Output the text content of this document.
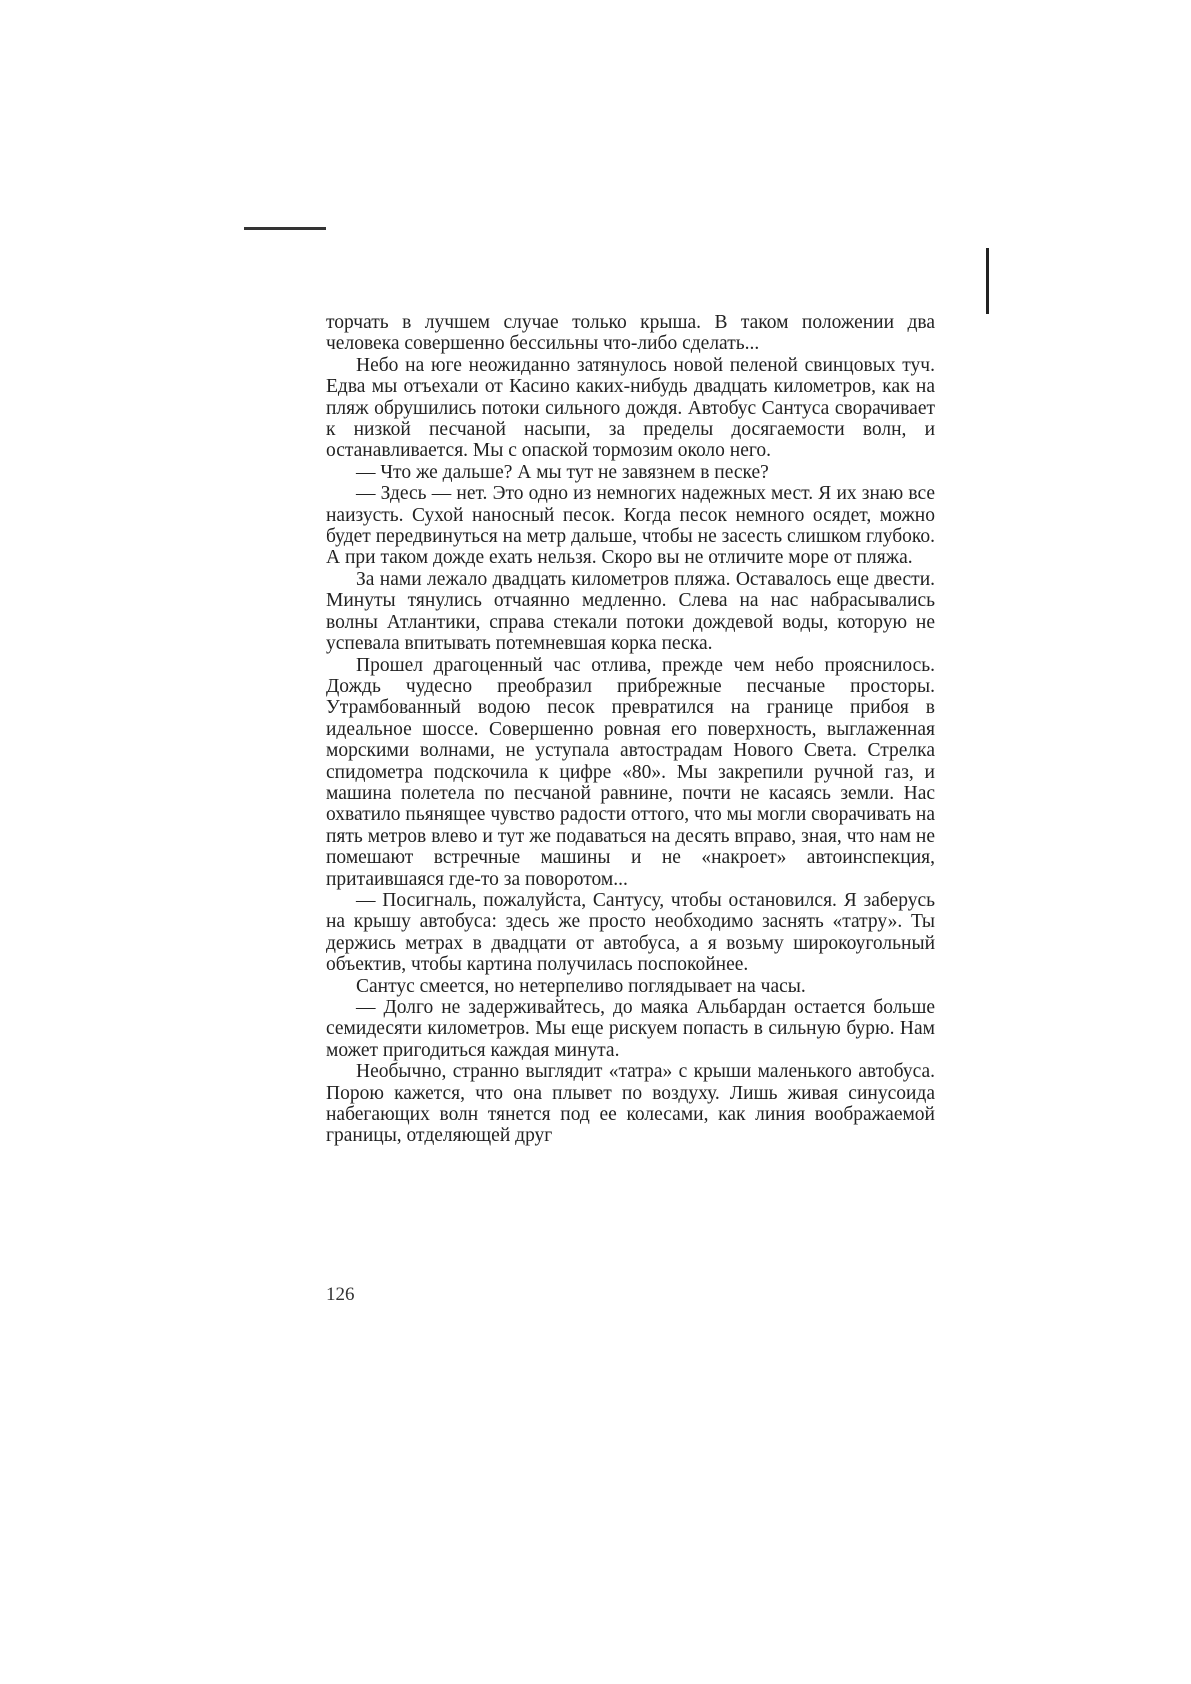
торчать в лучшем случае только крыша. В таком положении два человека совершенно бессильны что-либо сделать...

Небо на юге неожиданно затянулось новой пеленой свинцовых туч. Едва мы отъехали от Касино каких-нибудь двадцать километров, как на пляж обрушились потоки сильного дождя. Автобус Сантуса сворачивает к низкой песчаной насыпи, за пределы досягаемости волн, и останавливается. Мы с опаской тормозим около него.

— Что же дальше? А мы тут не завязнем в песке?

— Здесь — нет. Это одно из немногих надежных мест. Я их знаю все наизусть. Сухой наносный песок. Когда песок немного осядет, можно будет передвинуться на метр дальше, чтобы не засесть слишком глубоко. А при таком дожде ехать нельзя. Скоро вы не отличите море от пляжа.

За нами лежало двадцать километров пляжа. Оставалось еще двести. Минуты тянулись отчаянно медленно. Слева на нас набрасывались волны Атлантики, справа стекали потоки дождевой воды, которую не успевала впитывать потемневшая корка песка.

Прошел драгоценный час отлива, прежде чем небо прояснилось. Дождь чудесно преобразил прибрежные песчаные просторы. Утрамбованный водою песок превратился на границе прибоя в идеальное шоссе. Совершенно ровная его поверхность, выглаженная морскими волнами, не уступала автострадам Нового Света. Стрелка спидометра подскочила к цифре «80». Мы закрепили ручной газ, и машина полетела по песчаной равнине, почти не касаясь земли. Нас охватило пьянящее чувство радости оттого, что мы могли сворачивать на пять метров влево и тут же подаваться на десять вправо, зная, что нам не помешают встречные машины и не «накроет» автоинспекция, притаившаяся где-то за поворотом...

— Посигналь, пожалуйста, Сантусу, чтобы остановился. Я заберусь на крышу автобуса: здесь же просто необходимо заснять «татру». Ты держись метрах в двадцати от автобуса, а я возьму широкоугольный объектив, чтобы картина получилась поспокойнее.

Сантус смеется, но нетерпеливо поглядывает на часы.

— Долго не задерживайтесь, до маяка Альбардан остается больше семидесяти километров. Мы еще рискуем попасть в сильную бурю. Нам может пригодиться каждая минута.

Необычно, странно выглядит «татра» с крыши маленького автобуса. Порою кажется, что она плывет по воздуху. Лишь живая синусоида набегающих волн тянется под ее колесами, как линия воображаемой границы, отделяющей друг

126
